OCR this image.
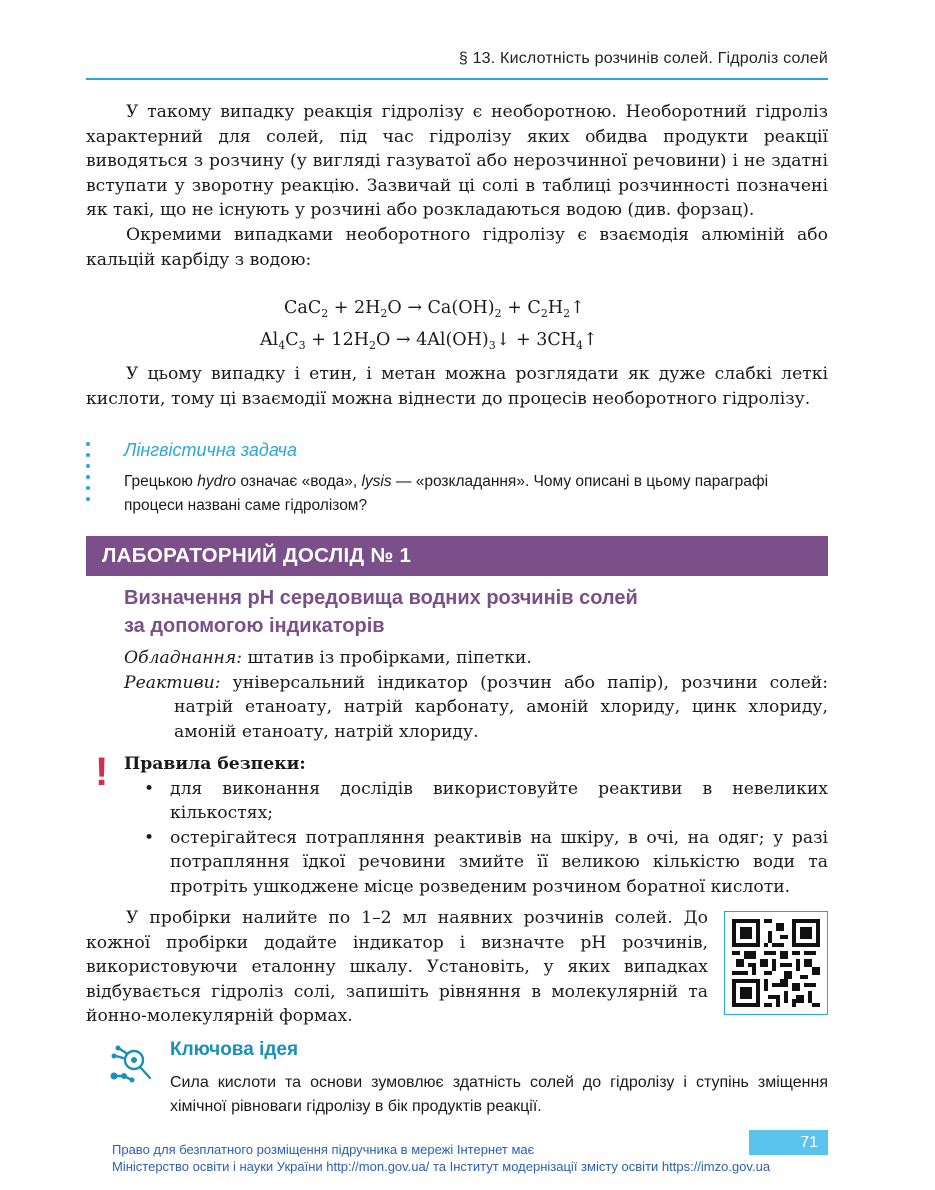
§ 13. Кислотність розчинів солей. Гідроліз солей

У такому випадку реакція гідролізу є необоротною. Необоротний гідроліз характерний для солей, під час гідролізу яких обидва продукти реакції виводяться з розчину (у вигляді газуватої або нерозчинної речовини) і не здатні вступати у зворотну реакцію. Зазвичай ці солі в таблиці розчинності позначені як такі, що не існують у розчині або розкладаються водою (див. форзац).

Окремими випадками необоротного гідролізу є взаємодія алюміній або кальцій карбіду з водою:

$CaC_2 + 2H_2O \to Ca(OH)_2$ + $C_2H_2↑$
$Al_4C_3 + 12H_2O$ → $4Al(OH)_3↓$ + $3CH_4↑$

У цьому випадку і етин, і метан можна розглядати як дуже слабкі леткі кислоти, тому ці взаємодії можна віднести до процесів необоротного гідролізу.

Лінгвістична задача
Грецькою hydro означає «вода», lysis — «розкладання». Чому описані в цьому параграфі процеси названі саме гідролізом?
ЛАБОРАТОРНИЙ ДОСЛІД № 1
Визначення pH середовища водних розчинів солей
за допомогою індикаторів

Обладнання: штатив із пробірками, піпетки.

Реактиви: універсальний індикатор (розчин або папір), розчини солей: натрій етаноату, натрій карбонату, амоній хлориду, цинк хлориду, амоній етаноату, натрій хлориду.

! Правила безпеки:

• для виконання дослідів використовуйте реактиви в невеликих кількостях;
• остерігайтеся потрапляння реактивів на шкіру, в очі, на одяг; у разі потрапляння їдкої речовини змийте її великою кількістю води та протріть ушкоджене місце розведеним розчином боратної кислоти.

У пробірки налийте по 1–2 мл наявних розчинів солей. До кожної пробірки додайте індикатор і визначте pH розчинів, використовуючи еталонну шкалу. Установіть, у яких випадках відбувається гідроліз солі, запишіть рівняння в молекулярній та йонно-молекулярній формах.

Ключова ідея
Сила кислоти та основи зумовлює здатність солей до гідролізу і ступінь зміщення хімічної рівноваги гідролізу в бік продуктів реакції.
71
Право для безплатного розміщення підручника в мережі Інтернет має
Міністерство освіти і науки України http://mon.gov.ua/ та Інститут модернізації змісту освіти https://imzo.gov.ua
